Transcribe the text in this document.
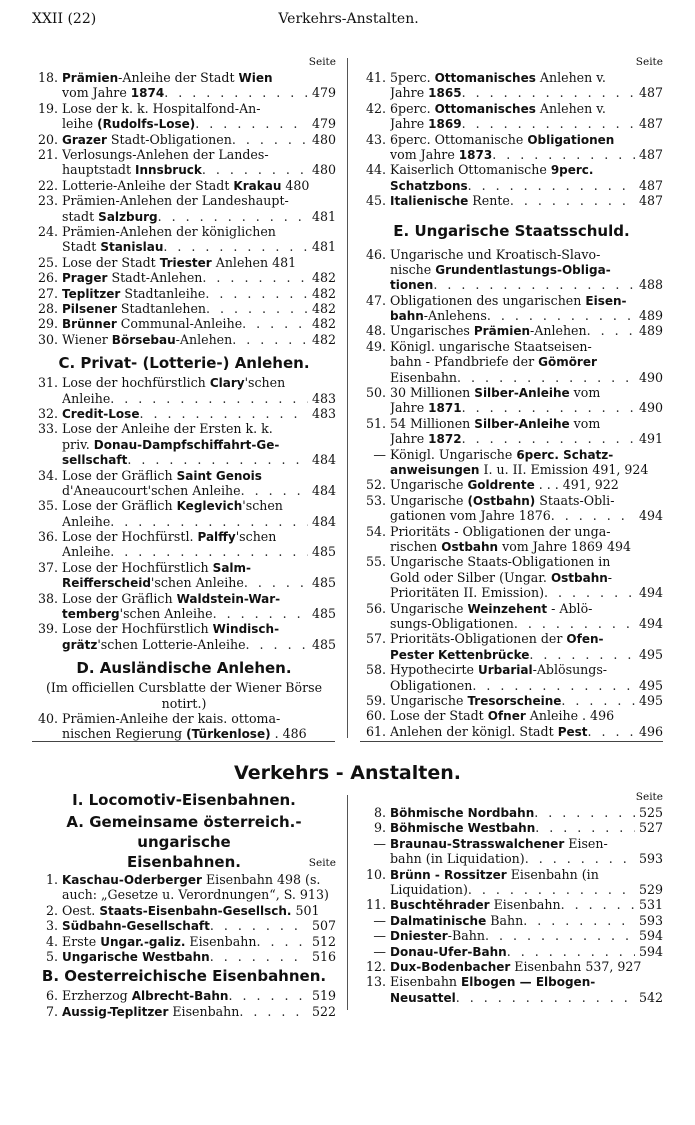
XXII (22)	Verkehrs-Anstalten.
Verkehrs - Anstalten.
Seite
18. Prämien-Anleihe der Stadt Wien
vom Jahre 1874 . . .	479
19. Lose der k. k. Hospitalfond-An-
leihe (Rudolfs-Lose) . . .	479
20. Grazer Stadt-Obligationen . . .	480
21. Verlosungs-Anlehen der Landes-
hauptstadt Innsbruck . . .	480
22. Lotterie-Anleihe der Stadt Krakau 480
23. Prämien-Anlehen der Landeshaupt-
stadt Salzburg . . .	481
24. Prämien-Anlehen der königlichen
Stadt Stanislau . . .	481
25. Lose der Stadt Triester Anlehen 481
26. Prager Stadt-Anlehen . . .	482
27. Teplitzer Stadtanleihe . . .	482
28. Pilsener Stadtanlehen . . .	482
29. Brünner Communal-Anleihe . . .	482
30. Wiener Börsebau-Anlehen . . .	482
C. Privat- (Lotterie-) Anlehen.
31. Lose der hochfürstlich Clary'schen
Anleihe . . .	483
32. Credit-Lose . . .	483
33. Lose der Anleihe der Ersten k. k.
priv. Donau-Dampfschiffahrt-Ge-
sellschaft . . .	484
34. Lose der Gräflich Saint Genois
d'Aneaucourt'schen Anleihe . . .	484
35. Lose der Gräflich Keglevich'schen
Anleihe . . .	484
36. Lose der Hochfürstl. Palffy'schen
Anleihe . . .	485
37. Lose der Hochfürstlich Salm-
Reifferscheid'schen Anleihe . . .	485
38. Lose der Gräflich Waldstein-War-
temberg'schen Anleihe . . .	485
39. Lose der Hochfürstlich Windisch-
grätz'schen Lotterie-Anleihe . . .	485
D. Ausländische Anlehen.
(Im officiellen Cursblatte der Wiener Börse
notirt.)
40. Prämien-Anleihe der kais. ottoma-
nischen Regierung (Türkenlose) . 486
Seite
41. 5perc. Ottomanisches Anlehen v.
Jahre 1865 . . .	487
42. 6perc. Ottomanisches Anlehen v.
Jahre 1869 . . .	487
43. 6perc. Ottomanische Obligationen
vom Jahre 1873 . . .	487
44. Kaiserlich Ottomanische 9perc.
Schatzbons . . .	487
45. Italienische Rente . . .	487
E. Ungarische Staatsschuld.
46. Ungarische und Kroatisch-Slavo-
nische Grundentlastungs-Obliga-
tionen . . .	488
47. Obligationen des ungarischen Eisen-
bahn-Anlehens . . .	489
48. Ungarisches Prämien-Anlehen . . .	489
49. Königl. ungarische Staatseisen-
bahn - Pfandbriefe der Gömörer
Eisenbahn . . .	490
50. 30 Millionen Silber-Anleihe vom
Jahre 1871 . . .	490
51. 54 Millionen Silber-Anleihe vom
Jahre 1872 . . .	491
— Königl. Ungarische 6perc. Schatz-
anweisungen I. u. II. Emission 491, 924
52. Ungarische Goldrente . . . 491, 922
53. Ungarische (Ostbahn) Staats-Obli-
gationen vom Jahre 1876 . . .	494
54. Prioritäts - Obligationen der unga-
rischen Ostbahn vom Jahre 1869 494
55. Ungarische Staats-Obligationen in
Gold oder Silber (Ungar. Ostbahn-
Prioritäten II. Emission) . . .	494
56. Ungarische Weinzehent - Ablö-
sungs-Obligationen . . .	494
57. Prioritäts-Obligationen der Ofen-
Pester Kettenbrücke . . .	495
58. Hypothecirte Urbarial-Ablösungs-
Obligationen . . .	495
59. Ungarische Tresorscheine . . .	495
60. Lose der Stadt Ofner Anleihe . 496
61. Anlehen der königl. Stadt Pest . . .	496
I. Locomotiv-Eisenbahnen.
A. Gemeinsame österreich.-ungarische
Eisenbahnen.	Seite
1. Kaschau-Oderberger Eisenbahn 498 (s.
auch: „Gesetze u. Verordnungen“, S. 913)
2. Oest. Staats-Eisenbahn-Gesellsch. 501
3. Südbahn-Gesellschaft . . .	507
4. Erste Ungar.-galiz. Eisenbahn . . .	512
5. Ungarische Westbahn . . .	516
B. Oesterreichische Eisenbahnen.
6. Erzherzog Albrecht-Bahn . . .	519
7. Aussig-Teplitzer Eisenbahn . . .	522
Seite
8. Böhmische Nordbahn . . .	525
9. Böhmische Westbahn . . .	527
— Braunau-Strasswalchener Eisen-
bahn (in Liquidation) . . .	593
10. Brünn - Rossitzer Eisenbahn (in
Liquidation) . . .	529
11. Buschtěhrader Eisenbahn . . .	531
— Dalmatinische Bahn . . .	593
— Dniester-Bahn . . .	594
— Donau-Ufer-Bahn . . .	594
12. Dux-Bodenbacher Eisenbahn 537, 927
13. Eisenbahn Elbogen — Elbogen-
Neusattel . . .	542
